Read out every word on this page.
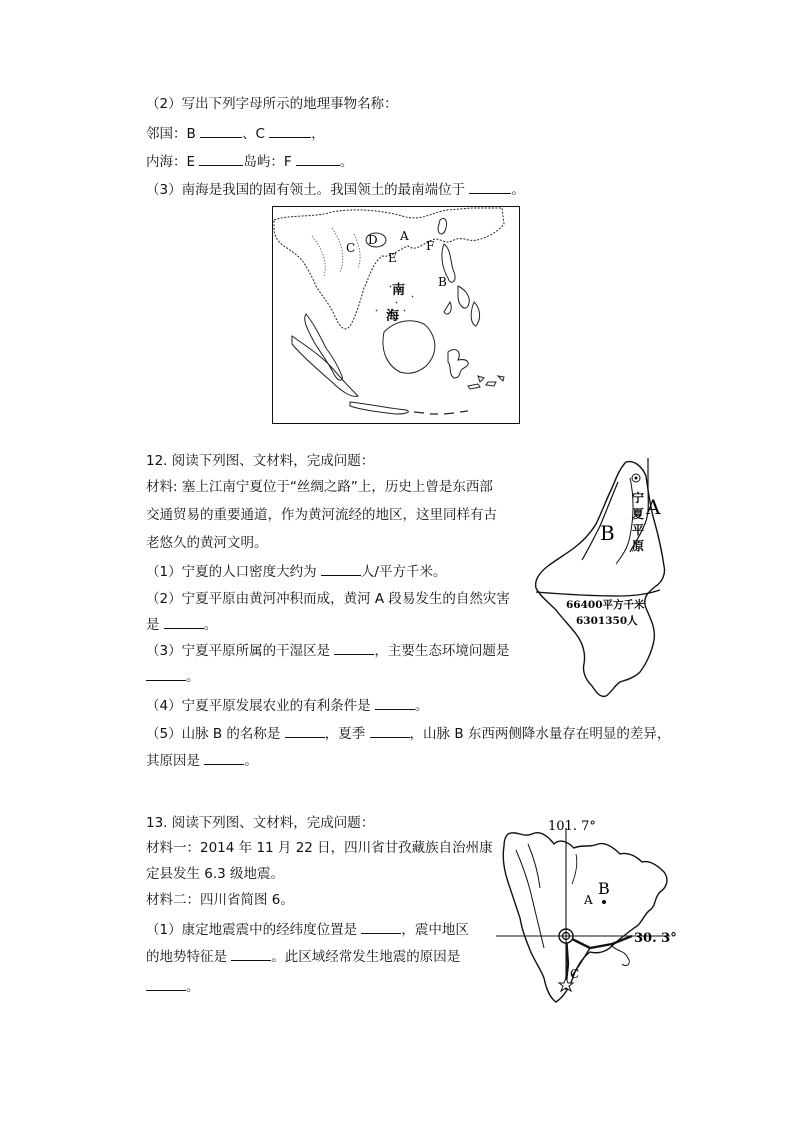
（2）写出下列字母所示的地理事物名称：
邻国：B	、C	，
内海：E	岛屿：F	。
（3）南海是我国的固有领土。我国领土的最南端位于	。
C
D A
E
F
B
南
海
12. 阅读下列图、文材料，完成问题：
材料: 塞上江南宁夏位于“丝绸之路”上，历史上曾是东西部
交通贸易的重要通道，作为黄河流经的地区，这里同样有古
老悠久的黄河文明。
（1）宁夏的人口密度大约为	人/平方千米。
（2）宁夏平原由黄河冲积而成，黄河 A 段易发生的自然灾害
是	。
（3）宁夏平原所属的干湿区是	，主要生态环境问题是
。
（4）宁夏平原发展农业的有利条件是	。
（5）山脉 B 的名称是	，夏季	，山脉 B 东西两侧降水量存在明显的差异，
其原因是	。
A
B
宁
夏
平
原
66400平方千米
6301350人
13. 阅读下列图、文材料，完成问题：
材料一：2014 年 11 月 22 日，四川省甘孜藏族自治州康
定县发生 6.3 级地震。
材料二：四川省简图 6。
（1）康定地震震中的经纬度位置是	，震中地区
的地势特征是	。此区域经常发生地震的原因是
。
101. 7°
30. 3°
A
B
C
